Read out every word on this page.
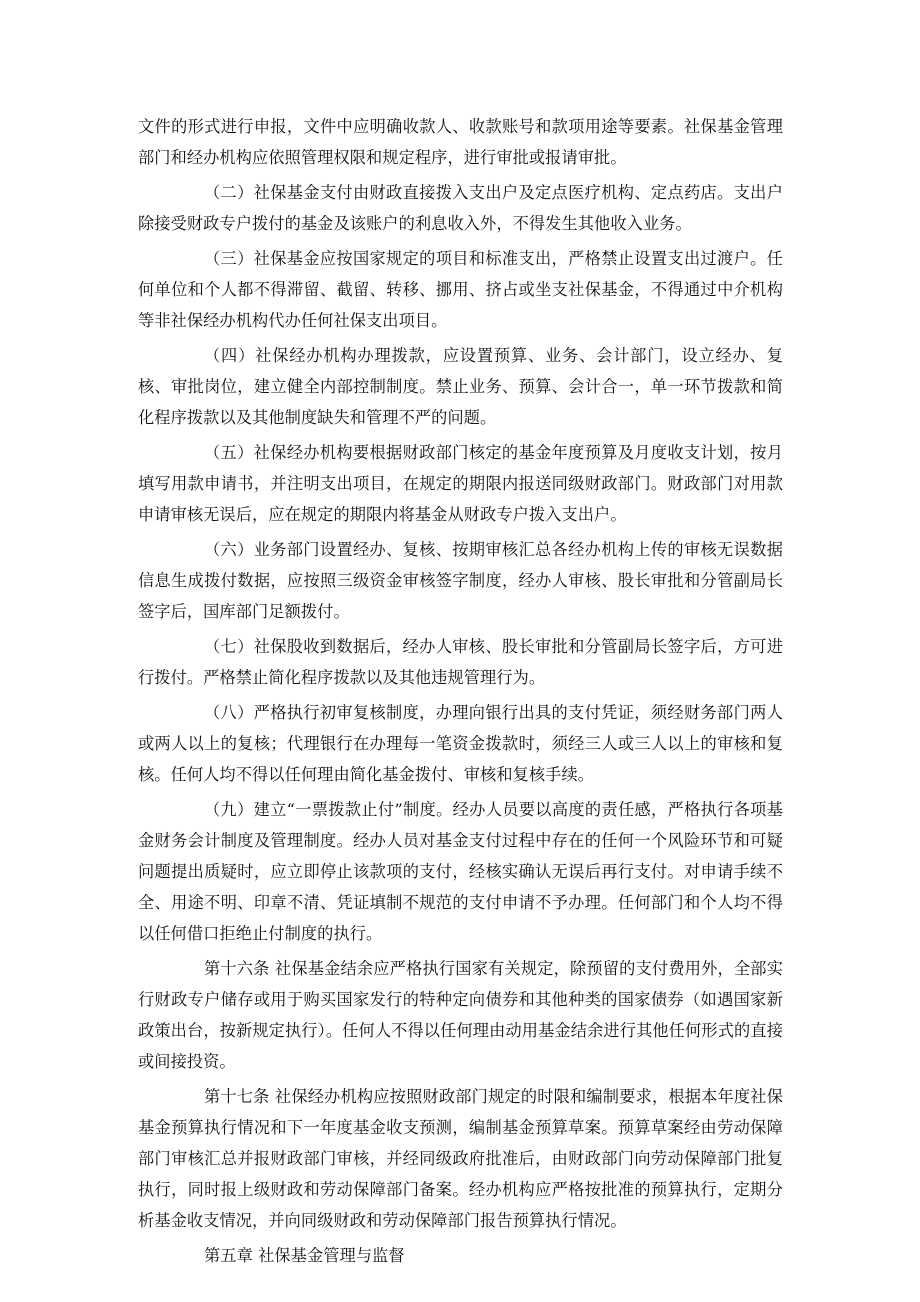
文件的形式进行申报，文件中应明确收款人、收款账号和款项用途等要素。社保基金管理部门和经办机构应依照管理权限和规定程序，进行审批或报请审批。

（二）社保基金支付由财政直接拨入支出户及定点医疗机构、定点药店。支出户除接受财政专户拨付的基金及该账户的利息收入外，不得发生其他收入业务。

（三）社保基金应按国家规定的项目和标准支出，严格禁止设置支出过渡户。任何单位和个人都不得滞留、截留、转移、挪用、挤占或坐支社保基金，不得通过中介机构等非社保经办机构代办任何社保支出项目。

（四）社保经办机构办理拨款，应设置预算、业务、会计部门，设立经办、复核、审批岗位，建立健全内部控制制度。禁止业务、预算、会计合一，单一环节拨款和简化程序拨款以及其他制度缺失和管理不严的问题。

（五）社保经办机构要根据财政部门核定的基金年度预算及月度收支计划，按月填写用款申请书，并注明支出项目，在规定的期限内报送同级财政部门。财政部门对用款申请审核无误后，应在规定的期限内将基金从财政专户拨入支出户。

（六）业务部门设置经办、复核、按期审核汇总各经办机构上传的审核无误数据信息生成拨付数据，应按照三级资金审核签字制度，经办人审核、股长审批和分管副局长签字后，国库部门足额拨付。

（七）社保股收到数据后，经办人审核、股长审批和分管副局长签字后，方可进行拨付。严格禁止简化程序拨款以及其他违规管理行为。

（八）严格执行初审复核制度，办理向银行出具的支付凭证，须经财务部门两人或两人以上的复核；代理银行在办理每一笔资金拨款时，须经三人或三人以上的审核和复核。任何人均不得以任何理由简化基金拨付、审核和复核手续。

（九）建立“一票拨款止付”制度。经办人员要以高度的责任感，严格执行各项基金财务会计制度及管理制度。经办人员对基金支付过程中存在的任何一个风险环节和可疑问题提出质疑时，应立即停止该款项的支付，经核实确认无误后再行支付。对申请手续不全、用途不明、印章不清、凭证填制不规范的支付申请不予办理。任何部门和个人均不得以任何借口拒绝止付制度的执行。

第十六条 社保基金结余应严格执行国家有关规定，除预留的支付费用外，全部实行财政专户储存或用于购买国家发行的特种定向债券和其他种类的国家债券（如遇国家新政策出台，按新规定执行）。任何人不得以任何理由动用基金结余进行其他任何形式的直接或间接投资。

第十七条 社保经办机构应按照财政部门规定的时限和编制要求，根据本年度社保基金预算执行情况和下一年度基金收支预测，编制基金预算草案。预算草案经由劳动保障部门审核汇总并报财政部门审核，并经同级政府批准后，由财政部门向劳动保障部门批复执行，同时报上级财政和劳动保障部门备案。经办机构应严格按批准的预算执行，定期分析基金收支情况，并向同级财政和劳动保障部门报告预算执行情况。

第五章 社保基金管理与监督
